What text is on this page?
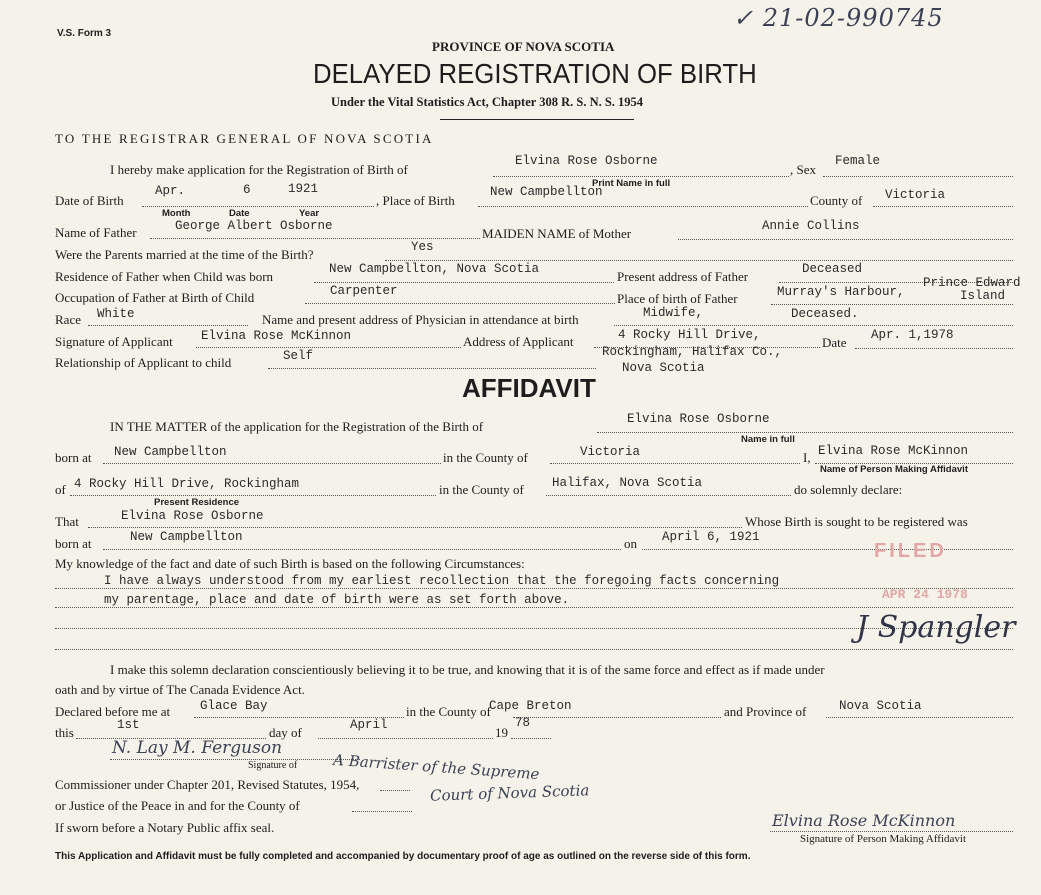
V.S. Form 3
✓ 21-02-990745
PROVINCE OF NOVA SCOTIA
DELAYED REGISTRATION OF BIRTH
Under the Vital Statistics Act, Chapter 308 R. S. N. S. 1954
TO THE REGISTRAR GENERAL OF NOVA SCOTIA
I hereby make application for the Registration of Birth of
Elvina Rose Osborne
Print Name in full
, Sex
Female
Date of Birth
Apr.	6	1921
Month	Date	Year
, Place of Birth
New Campbellton
County of Victoria
Name of Father	George Albert Osborne	MAIDEN NAME of Mother	Annie Collins
Were the Parents married at the time of the Birth?	Yes
Residence of Father when Child was born	New Campbellton, Nova Scotia	Present address of Father	Deceased
Occupation of Father at Birth of Child	Carpenter	Place of birth of Father	Murray's Harbour,
Prince Edward
Island
Race White	Name and present address of Physician in attendance at birth	Midwife,	Deceased.
Signature of Applicant Elvina Rose McKinnon	Address of Applicant	4 Rocky Hill Drive,
Rockingham, Halifax Co.,
Nova Scotia
Date Apr. 1,1978
Relationship of Applicant to child	Self
AFFIDAVIT
IN THE MATTER of the application for the Registration of the Birth of	Elvina Rose Osborne
Name in full
born at New Campbellton	in the County of	Victoria	I, Elvina Rose McKinnon
Name of Person Making Affidavit
of 4 Rocky Hill Drive, Rockingham
Present Residence
in the County of Halifax, Nova Scotia	do solemnly declare:
That	Elvina Rose Osborne	Whose Birth is sought to be registered was
born at	New Campbellton	on April 6, 1921
My knowledge of the fact and date of such Birth is based on the following Circumstances:
I have always understood from my earliest recollection that the foregoing facts concerning
my parentage, place and date of birth were as set forth above.
FILED
APR 24 1978
J Spangler
I make this solemn declaration conscientiously believing it to be true, and knowing that it is of the same force and effect as if made under
oath and by virtue of The Canada Evidence Act.
Declared before me at Glace Bay	in the County of
Cape Breton	and Province of	Nova Scotia
this	1st	day of	April	19
78
N. Lay M. Ferguson
Signature of A Barrister of the Supreme
Court of Nova Scotia
Commissioner under Chapter 201, Revised Statutes, 1954,
or Justice of the Peace in and for the County of
If sworn before a Notary Public affix seal.	Elvina Rose McKinnon
Signature of Person Making Affidavit
This Application and Affidavit must be fully completed and accompanied by documentary proof of age as outlined on the reverse side of this form.
